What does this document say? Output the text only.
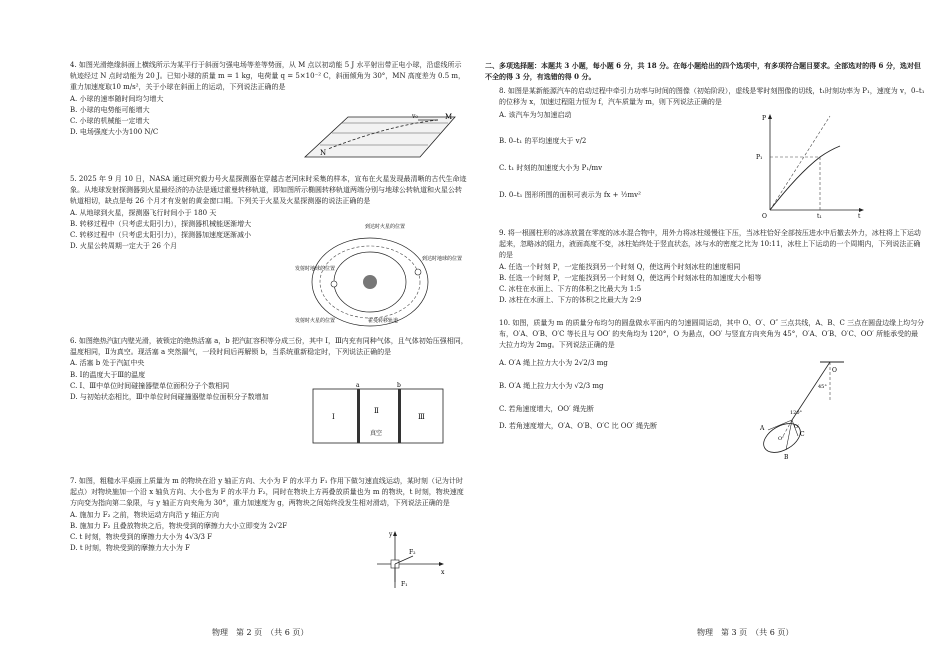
4. 如图光滑绝缘斜面上横线所示为某平行于斜面匀强电场等差等势面，从 M 点以初动能 5 J 水平射出带正电小球，沿虚线所示轨迹经过 N 点时动能为 20 J。已知小球的质量 m = 1 kg，电荷量 q = 5×10⁻² C，斜面倾角为 30°，MN 高度差为 0.5 m，重力加速度取10 m/s²，关于小球在斜面上的运动，下列说法正确的是

A. 小球的速率随时间均匀增大

B. 小球的电势能可能增大

C. 小球的机械能一定增大

D. 电场强度大小为100 N/C

v₀	M
N

5. 2025 年 9 月 10 日，NASA 通过研究毅力号火星探测器在穿越古老河床时采集的样本，宣布在火星发现最清晰的古代生命迹象。从地球发射探测器到火星最经济的办法是通过霍曼转移轨道，即如图所示椭圆转移轨道两端分别与地球公转轨道和火星公转轨道相切，缺点是每 26 个月才有发射的黄金窗口期。下列关于火星及火星探测器的说法正确的是

A. 从地球到火星，探测器飞行时间小于 180 天

B. 转移过程中（只考虑太阳引力），探测器机械能逐渐增大

C. 转移过程中（只考虑太阳引力），探测器加速度逐渐减小

D. 火星公转周期一定大于 26 个月

到达时火星的位置
发射时地球的位置
到达时地球的位置
发射时火星的位置	霍曼转移轨道

6. 如图绝热汽缸内壁光滑，被锁定的绝热活塞 a，b 把汽缸容积等分成三份，其中 Ⅰ，Ⅲ内充有同种气体，且气体初始压强相同，温度相同，Ⅱ为真空。现活塞 a 突然漏气，一段时间后再解锁 b，当系统重新稳定时，下列说法正确的是

A. 活塞 b 处于汽缸中央

B. Ⅰ的温度大于Ⅲ的温度

C. Ⅰ、Ⅲ中单位时间碰撞器壁单位面积分子个数相同

D. 与初始状态相比，Ⅲ中单位时间碰撞器壁单位面积分子数增加

a	b
Ⅰ
Ⅱ
真空
Ⅲ

7. 如图，粗糙水平桌面上质量为 m 的物块在沿 y 轴正方向、大小为 F 的水平力 F₁ 作用下做匀速直线运动，某时刻（记为计时起点）对物块施加一个沿 x 轴负方向、大小也为 F 的水平力 F₂，同时在物块上方再叠放质量也为 m 的物块，t 时刻，物块速度方向变为指向第二象限，与 y 轴正方向夹角为 30°，重力加速度为 g，两物块之间始终没发生相对滑动，下列说法正确的是

A. 施加力 F₂ 之前，物块运动方向沿 y 轴正方向

B. 施加力 F₂ 且叠放物块之后，物块受到的摩擦力大小立即变为 2√2F

C. t 时刻，物块受到的摩擦力大小为 4√3/3 F

D. t 时刻，物块受到的摩擦力大小为 F

y
x
F₁
F₂
物理　第 2 页　（共 6 页）
二、多项选择题：本题共 3 小题，每小题 6 分，共 18 分。在每小题给出的四个选项中，有多项符合题目要求。全部选对的得 6 分，选对但不全的得 3 分，有选错的得 0 分。

8. 如图是某新能源汽车的启动过程中牵引力功率与时间的图像（初始阶段），虚线是零时刻图像的切线，t₁时刻功率为 P₁，速度为 v，0–t₁ 的位移为 x，加速过程阻力恒为 f，汽车质量为 m，则下列说法正确的是

A. 该汽车为匀加速启动

B. 0–t₁ 的平均速度大于 v/2

C. t₁ 时刻的加速度大小为 P₁/mv

D. 0–t₁ 图形所围的面积可表示为 fx + ½mv²

P
P₁
O	t₁	t

9. 将一根圆柱形的冰冻放置在零度的冰水混合物中，用外力将冰柱缓慢往下压，当冰柱恰好全部按压进水中后撤去外力，冰柱将上下运动起来，忽略冰的阻力，液面高度不变，冰柱始终处于竖直状态，冰与水的密度之比为 10:11，冰柱上下运动的一个周期内，下列说法正确的是

A. 任选一个时刻 P，一定能找到另一个时刻 Q，使这两个时刻冰柱的速度相同

B. 任选一个时刻 P，一定能找到另一个时刻 Q，使这两个时刻冰柱的加速度大小相等

C. 冰柱在水面上、下方的体积之比最大为 1:5

D. 冰柱在水面上、下方的体积之比最大为 2:9

10. 如图，质量为 m 的质量分布均匀的圆盘做水平面内的匀速圆周运动，其中 O、O′、O″ 三点共线，A、B、C 三点在圆盘边缘上均匀分布，O′A、O′B、O′C 等长且与 OO′ 的夹角均为 120°，O 为悬点，OO′ 与竖直方向夹角为 45°，O′A、O′B、O′C、OO′ 所能承受的最大拉力均为 2mg。下列说法正确的是

A. O′A 绳上拉力大小为 2√2/3 mg

B. O′A 绳上拉力大小为 √2/3 mg

C. 若角速度增大，OO′ 绳先断

D. 若角速度增大，O′A、O′B、O′C 比 OO′ 绳先断

O
45°
120°
O′
O″
A
B
C
物理　第 3 页　（共 6 页）
